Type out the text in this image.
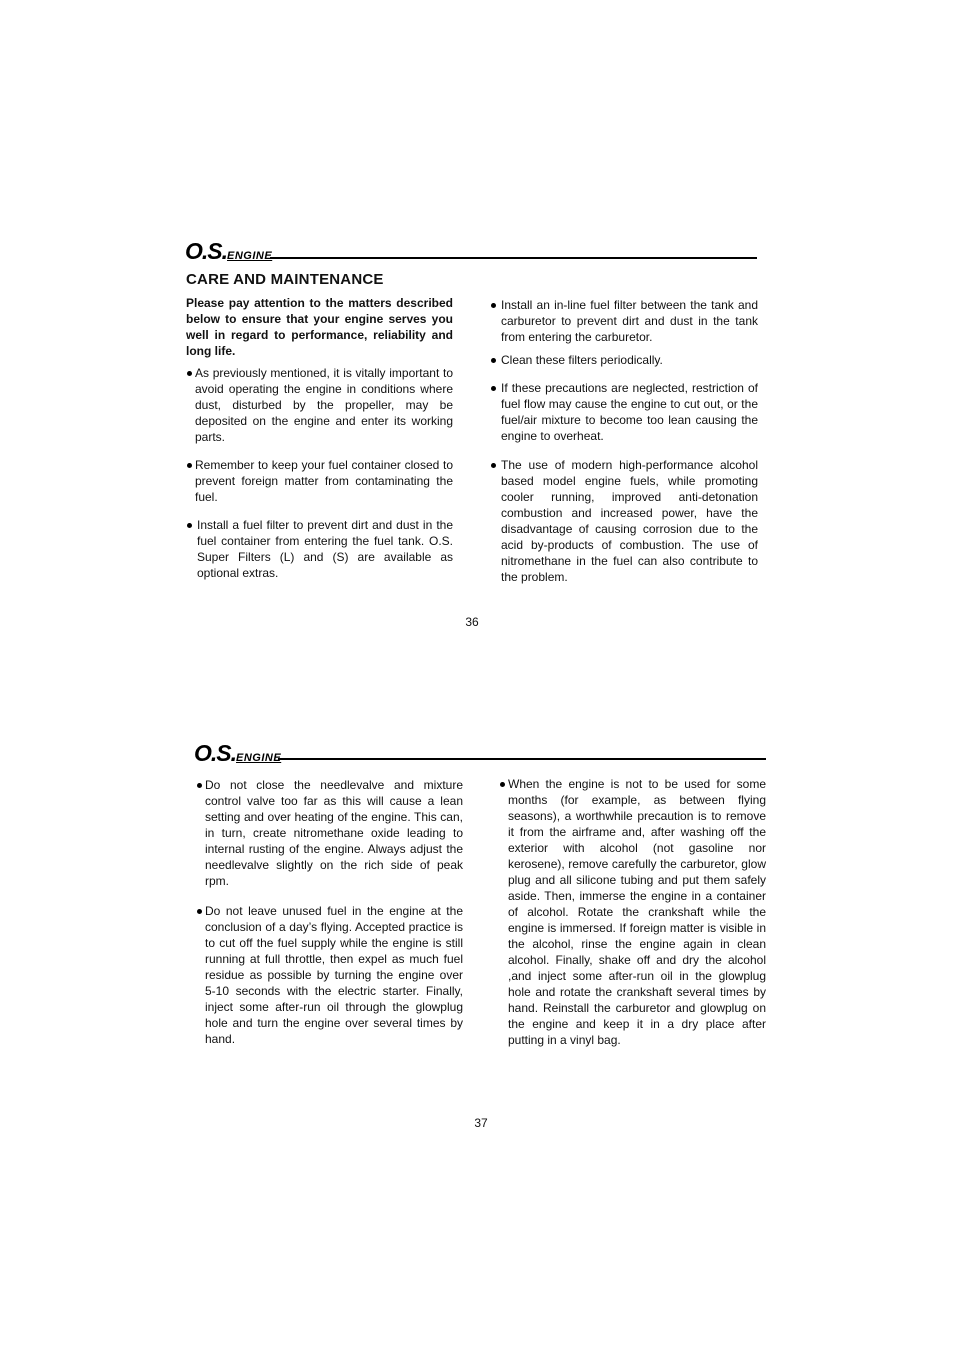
O.S.ENGINE
CARE AND MAINTENANCE

Please pay attention to the matters described below to ensure that your engine serves you well in regard to performance, reliability and long life.

As previously mentioned, it is vitally important to avoid operating the engine in conditions where dust, disturbed by the propeller, may be deposited on the engine and enter its working parts.

Remember to keep your fuel container closed to prevent foreign matter from contaminating the fuel.

Install a fuel filter to prevent dirt and dust in the fuel container from entering the fuel tank. O.S. Super Filters (L) and (S) are available as optional extras.

Install an in-line fuel filter between the tank and carburetor to prevent dirt and dust in the tank from entering the carburetor.

Clean these filters periodically.

If these precautions are neglected, restriction of fuel flow may cause the engine to cut out, or the fuel/air mixture to become too lean causing the engine to overheat.

The use of modern high-performance alcohol based model engine fuels, while promoting cooler running, improved anti-detonation combustion and increased power, have the disadvantage of causing corrosion due to the acid by-products of combustion. The use of nitromethane in the fuel can also contribute to the problem.

36
O.S.ENGINE

Do not close the needlevalve and mixture control valve too far as this will cause a lean setting and over heating of the engine. This can, in turn, create nitromethane oxide leading to internal rusting of the engine. Always adjust the needlevalve slightly on the rich side of peak rpm.

Do not leave unused fuel in the engine at the conclusion of a day’s flying. Accepted practice is to cut off the fuel supply while the engine is still running at full throttle, then expel as much fuel residue as possible by turning the engine over 5-10 seconds with the electric starter. Finally, inject some after-run oil through the glowplug hole and turn the engine over several times by hand.

When the engine is not to be used for some months (for example, as between flying seasons), a worthwhile precaution is to remove it from the airframe and, after washing off the exterior with alcohol (not gasoline nor kerosene), remove carefully the carburetor, glow plug and all silicone tubing and put them safely aside. Then, immerse the engine in a container of alcohol. Rotate the crankshaft while the engine is immersed. If foreign matter is visible in the alcohol, rinse the engine again in clean alcohol. Finally, shake off and dry the alcohol ,and inject some after-run oil in the glowplug hole and rotate the crankshaft several times by hand. Reinstall the carburetor and glowplug on the engine and keep it in a dry place after putting in a vinyl bag.

37
